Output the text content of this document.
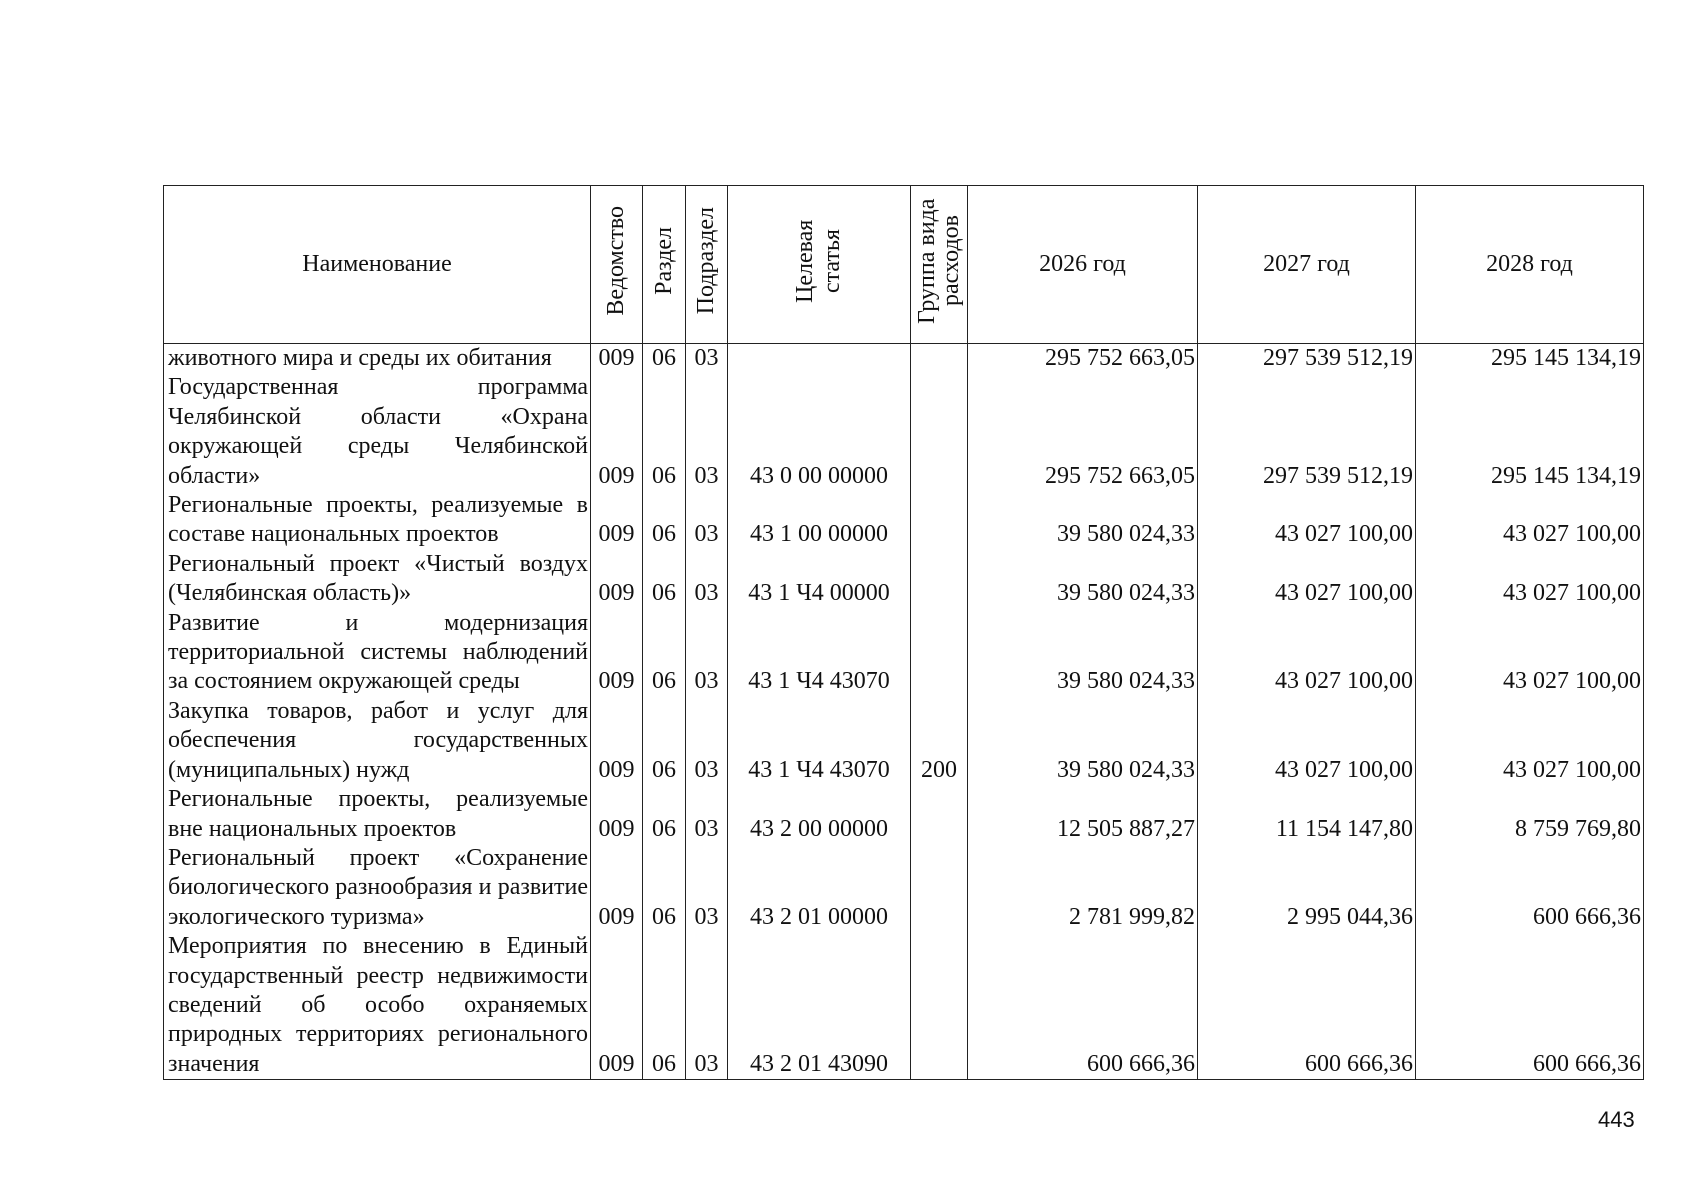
Наименование	Ведомство	Раздел	Подраздел	Целевая статья	Группа вида расходов	2026 год	2027 год	2028 год
животного мира и среды их обитания	009	06	03			295 752 663,05	297 539 512,19	295 145 134,19
Государственная программа Челябинской области «Охрана окружающей среды Челябинской области»	009	06	03	43 0 00 00000		295 752 663,05	297 539 512,19	295 145 134,19
Региональные проекты, реализуемые в составе национальных проектов	009	06	03	43 1 00 00000		39 580 024,33	43 027 100,00	43 027 100,00
Региональный проект «Чистый воздух (Челябинская область)»	009	06	03	43 1 Ч4 00000		39 580 024,33	43 027 100,00	43 027 100,00
Развитие и модернизация территориальной системы наблюдений за состоянием окружающей среды	009	06	03	43 1 Ч4 43070		39 580 024,33	43 027 100,00	43 027 100,00
Закупка товаров, работ и услуг для обеспечения государственных (муниципальных) нужд	009	06	03	43 1 Ч4 43070	200	39 580 024,33	43 027 100,00	43 027 100,00
Региональные проекты, реализуемые вне национальных проектов	009	06	03	43 2 00 00000		12 505 887,27	11 154 147,80	8 759 769,80
Региональный проект «Сохранение биологического разнообразия и развитие экологического туризма»	009	06	03	43 2 01 00000		2 781 999,82	2 995 044,36	600 666,36
Мероприятия по внесению в Единый государственный реестр недвижимости сведений об особо охраняемых природных территориях регионального значения	009	06	03	43 2 01 43090		600 666,36	600 666,36	600 666,36
443
